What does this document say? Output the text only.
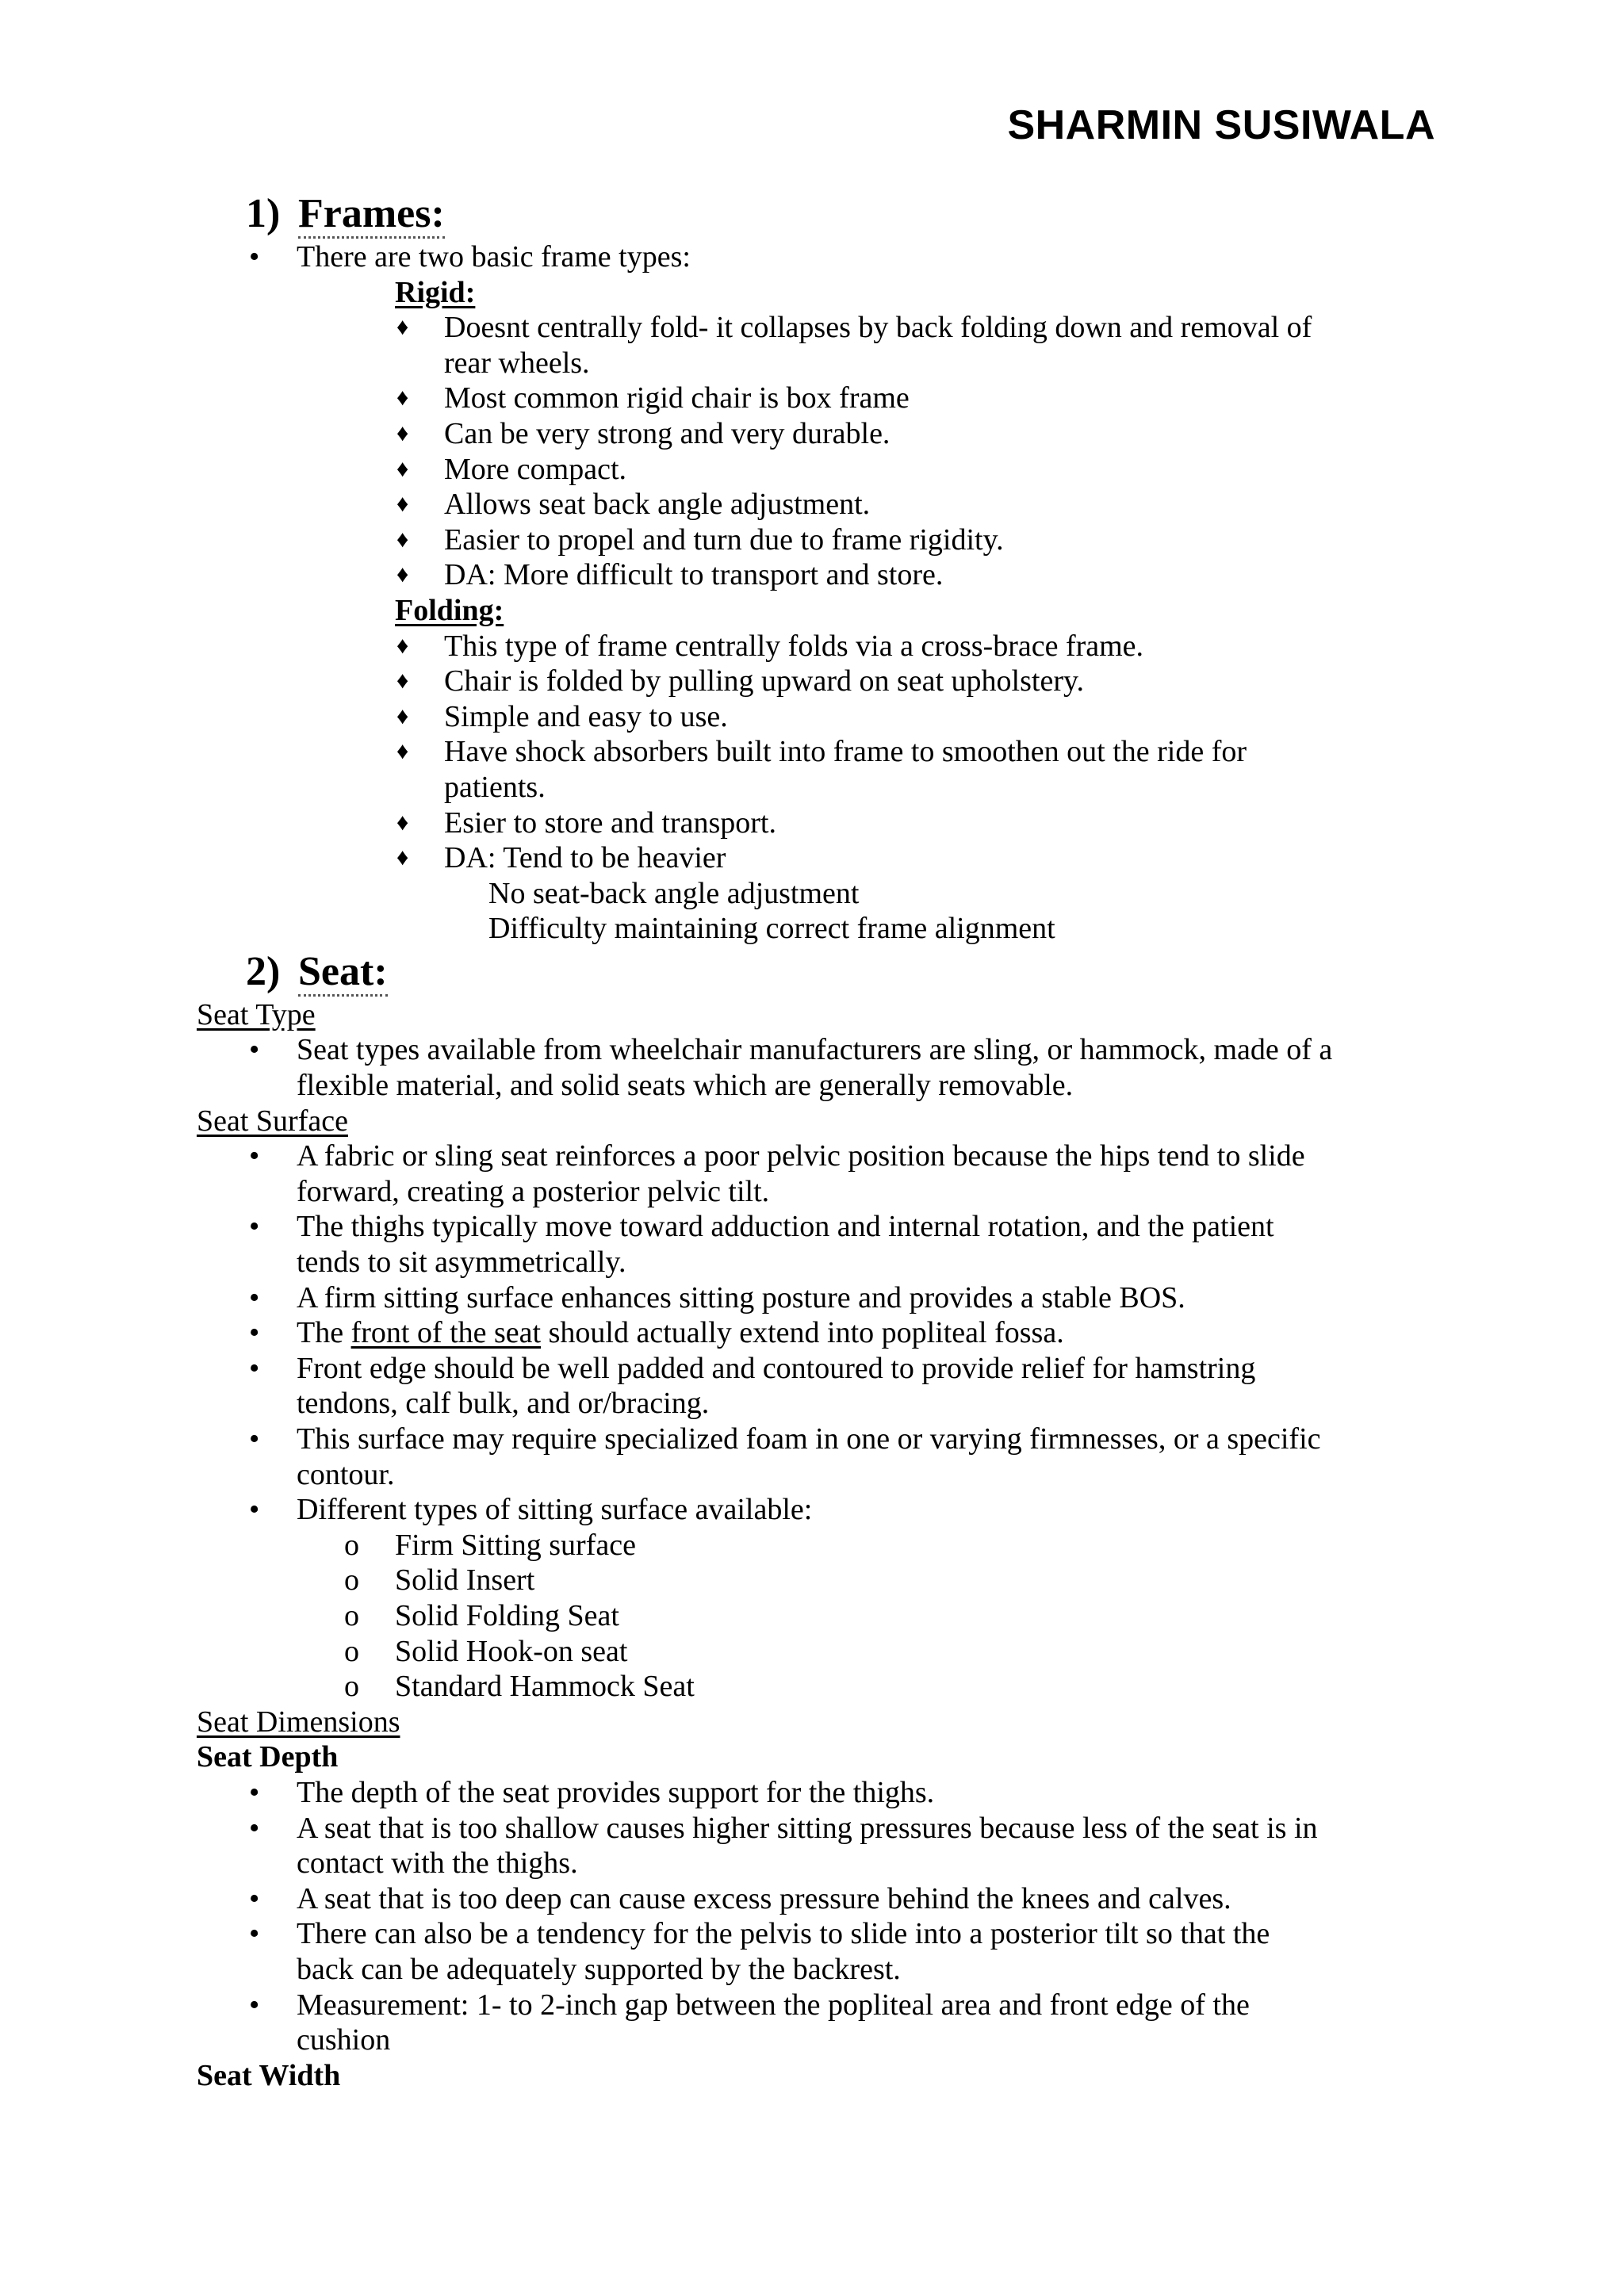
SHARMIN SUSIWALA
1) Frames:
• There are two basic frame types:
Rigid:
♦ Doesnt centrally fold- it collapses by back folding down and removal of
rear wheels.
♦ Most common rigid chair is box frame
♦ Can be very strong and very durable.
♦ More compact.
♦ Allows seat back angle adjustment.
♦ Easier to propel and turn due to frame rigidity.
♦ DA: More difficult to transport and store.
Folding:
♦ This type of frame centrally folds via a cross-brace frame.
♦ Chair is folded by pulling upward on seat upholstery.
♦ Simple and easy to use.
♦ Have shock absorbers built into frame to smoothen out the ride for
patients.
♦ Esier to store and transport.
♦ DA: Tend to be heavier
No seat-back angle adjustment
Difficulty maintaining correct frame alignment
2) Seat:
Seat Type
• Seat types available from wheelchair manufacturers are sling, or hammock, made of a
flexible material, and solid seats which are generally removable.
Seat Surface
• A fabric or sling seat reinforces a poor pelvic position because the hips tend to slide
forward, creating a posterior pelvic tilt.
• The thighs typically move toward adduction and internal rotation, and the patient
tends to sit asymmetrically.
• A firm sitting surface enhances sitting posture and provides a stable BOS.
• The front of the seat should actually extend into popliteal fossa.
• Front edge should be well padded and contoured to provide relief for hamstring
tendons, calf bulk, and or/bracing.
• This surface may require specialized foam in one or varying firmnesses, or a specific
contour.
• Different types of sitting surface available:
o Firm Sitting surface
o Solid Insert
o Solid Folding Seat
o Solid Hook-on seat
o Standard Hammock Seat
Seat Dimensions
Seat Depth
• The depth of the seat provides support for the thighs.
• A seat that is too shallow causes higher sitting pressures because less of the seat is in
contact with the thighs.
• A seat that is too deep can cause excess pressure behind the knees and calves.
• There can also be a tendency for the pelvis to slide into a posterior tilt so that the
back can be adequately supported by the backrest.
• Measurement: 1- to 2-inch gap between the popliteal area and front edge of the
cushion
Seat Width
